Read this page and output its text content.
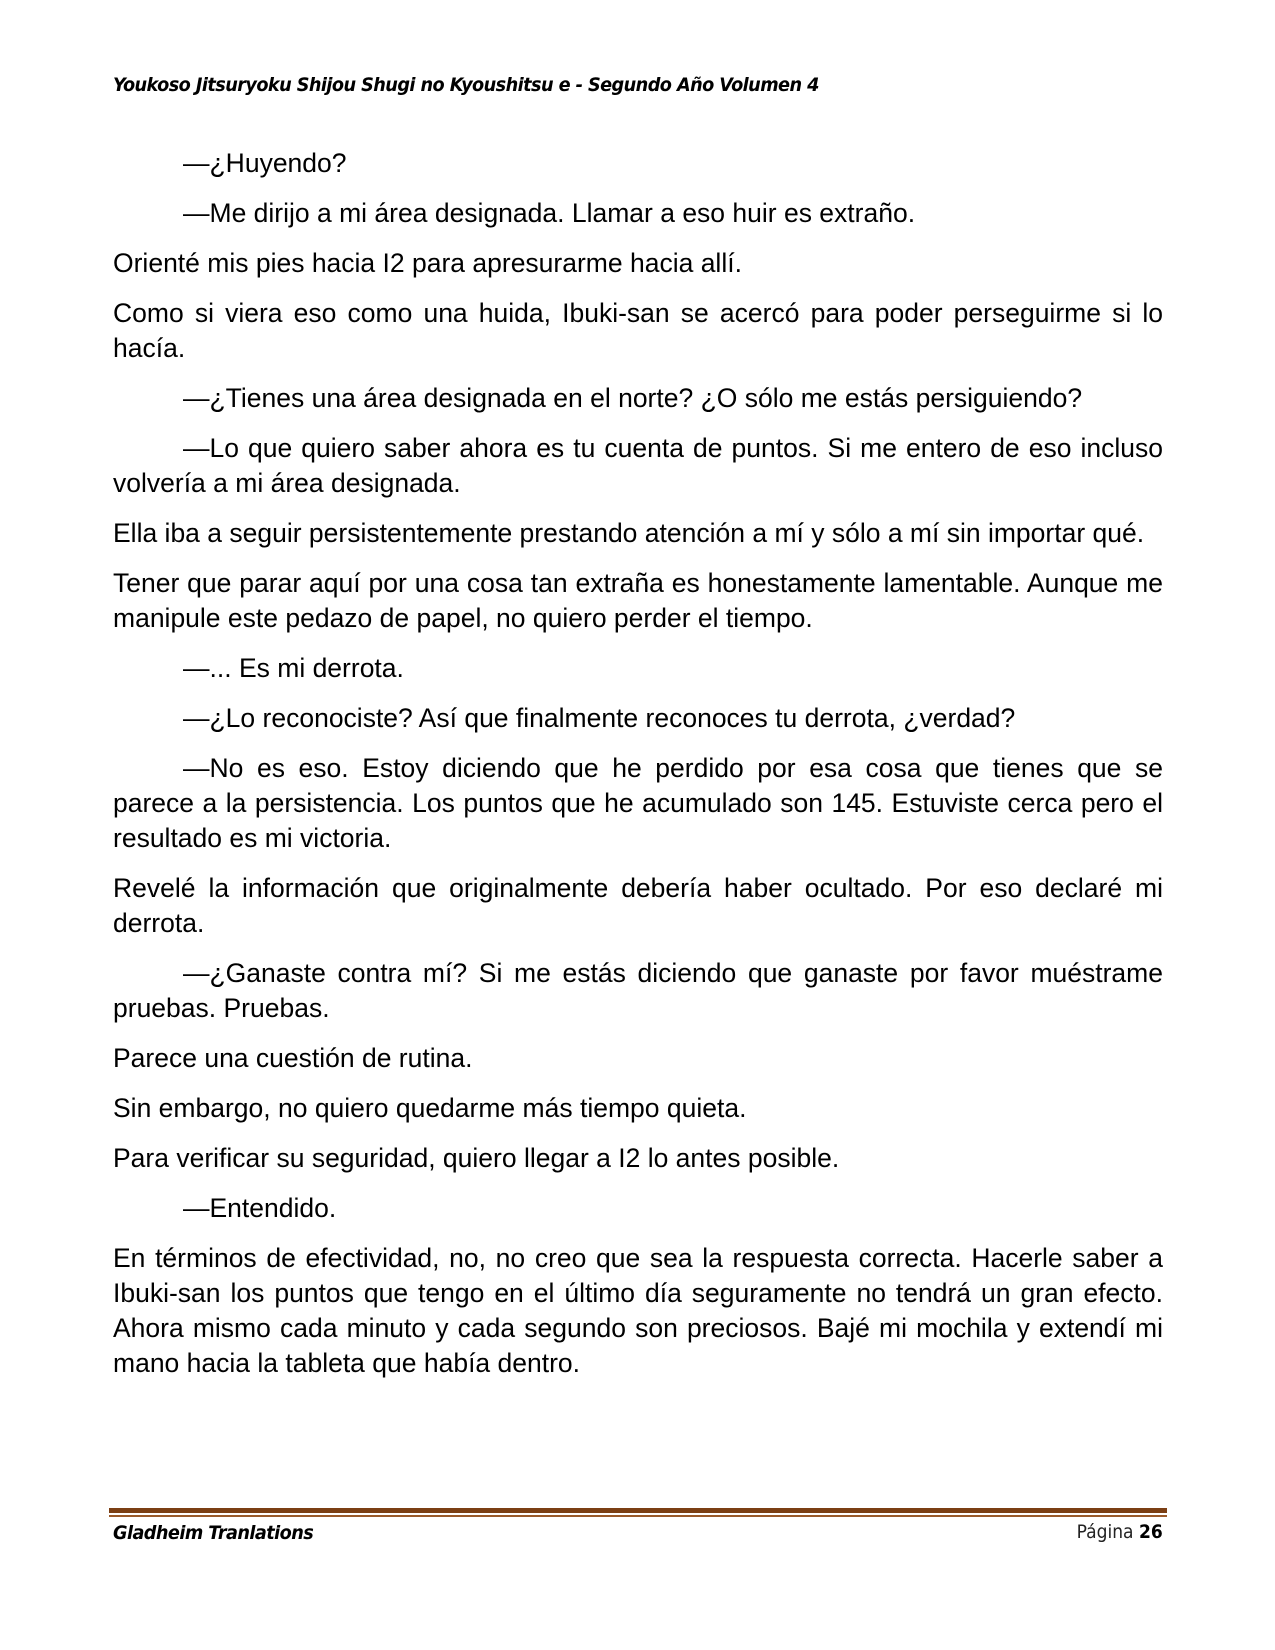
Youkoso Jitsuryoku Shijou Shugi no Kyoushitsu e - Segundo Año Volumen 4

—¿Huyendo?

—Me dirijo a mi área designada. Llamar a eso huir es extraño.

Orienté mis pies hacia I2 para apresurarme hacia allí.

Como si viera eso como una huida, Ibuki-san se acercó para poder perseguirme si lo hacía.

—¿Tienes una área designada en el norte? ¿O sólo me estás persiguiendo?

—Lo que quiero saber ahora es tu cuenta de puntos. Si me entero de eso incluso volvería a mi área designada.

Ella iba a seguir persistentemente prestando atención a mí y sólo a mí sin importar qué.

Tener que parar aquí por una cosa tan extraña es honestamente lamentable. Aunque me manipule este pedazo de papel, no quiero perder el tiempo.

—... Es mi derrota.

—¿Lo reconociste? Así que finalmente reconoces tu derrota, ¿verdad?

—No es eso. Estoy diciendo que he perdido por esa cosa que tienes que se parece a la persistencia. Los puntos que he acumulado son 145. Estuviste cerca pero el resultado es mi victoria.

Revelé la información que originalmente debería haber ocultado. Por eso declaré mi derrota.

—¿Ganaste contra mí? Si me estás diciendo que ganaste por favor muéstrame pruebas. Pruebas.

Parece una cuestión de rutina.

Sin embargo, no quiero quedarme más tiempo quieta.

Para verificar su seguridad, quiero llegar a I2 lo antes posible.

—Entendido.

En términos de efectividad, no, no creo que sea la respuesta correcta. Hacerle saber a Ibuki-san los puntos que tengo en el último día seguramente no tendrá un gran efecto. Ahora mismo cada minuto y cada segundo son preciosos. Bajé mi mochila y extendí mi mano hacia la tableta que había dentro.

Gladheim Tranlations	Página 26
